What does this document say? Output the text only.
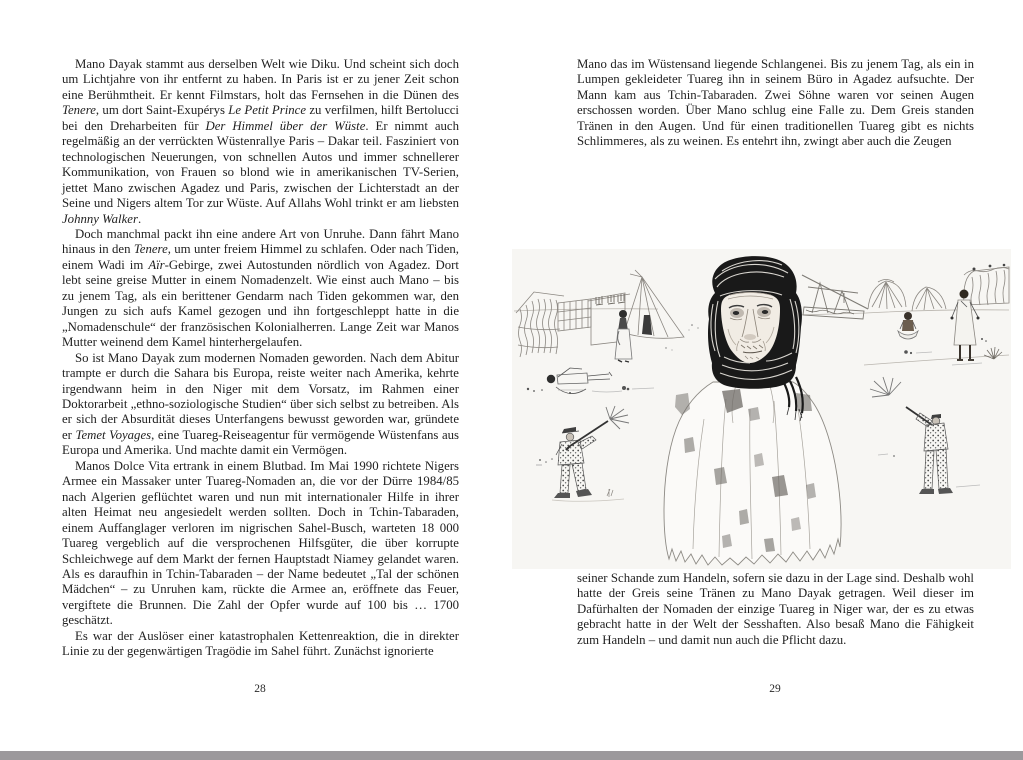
Mano Dayak stammt aus derselben Welt wie Diku. Und scheint sich doch um Lichtjahre von ihr entfernt zu haben. In Paris ist er zu jener Zeit schon eine Berühmtheit. Er kennt Filmstars, holt das Fernsehen in die Dünen des Tenere, um dort Saint-Exupérys Le Petit Prince zu verfilmen, hilft Bertolucci bei den Dreharbeiten für Der Himmel über der Wüste. Er nimmt auch regelmäßig an der verrückten Wüstenrallye Paris – Dakar teil. Fasziniert von technologischen Neuerungen, von schnellen Autos und immer schnellerer Kommunikation, von Frauen so blond wie in amerikanischen TV-Serien, jettet Mano zwischen Agadez und Paris, zwischen der Lichterstadt an der Seine und Nigers altem Tor zur Wüste. Auf Allahs Wohl trinkt er am liebsten Johnny Walker.

Doch manchmal packt ihn eine andere Art von Unruhe. Dann fährt Mano hinaus in den Tenere, um unter freiem Himmel zu schlafen. Oder nach Tiden, einem Wadi im Aïr-Gebirge, zwei Autostunden nördlich von Agadez. Dort lebt seine greise Mutter in einem Nomadenzelt. Wie einst auch Mano – bis zu jenem Tag, als ein berittener Gendarm nach Tiden gekommen war, den Jungen zu sich aufs Kamel gezogen und ihn fortgeschleppt hatte in die „Nomadenschule“ der französischen Kolonialherren. Lange Zeit war Manos Mutter weinend dem Kamel hinterhergelaufen.

So ist Mano Dayak zum modernen Nomaden geworden. Nach dem Abitur trampte er durch die Sahara bis Europa, reiste weiter nach Amerika, kehrte irgendwann heim in den Niger mit dem Vorsatz, im Rahmen einer Doktorarbeit „ethno-soziologische Studien“ über sich selbst zu betreiben. Als er sich der Absurdität dieses Unterfangens bewusst geworden war, gründete er Temet Voyages, eine Tuareg-Reiseagentur für vermögende Wüstenfans aus Europa und Amerika. Und machte damit ein Vermögen.

Manos Dolce Vita ertrank in einem Blutbad. Im Mai 1990 richtete Nigers Armee ein Massaker unter Tuareg-Nomaden an, die vor der Dürre 1984/85 nach Algerien geflüchtet waren und nun mit internationaler Hilfe in ihrer alten Heimat neu angesiedelt werden sollten. Doch in Tchin-Tabaraden, einem Auffanglager verloren im nigrischen Sahel-Busch, warteten 18 000 Tuareg vergeblich auf die versprochenen Hilfsgüter, die über korrupte Schleichwege auf dem Markt der fernen Hauptstadt Niamey gelandet waren. Als es daraufhin in Tchin-Tabaraden – der Name bedeutet „Tal der schönen Mädchen“ – zu Unruhen kam, rückte die Armee an, eröffnete das Feuer, vergiftete die Brunnen. Die Zahl der Opfer wurde auf 100 bis … 1700 geschätzt.

Es war der Auslöser einer katastrophalen Kettenreaktion, die in direkter Linie zu der gegenwärtigen Tragödie im Sahel führt. Zunächst ignorierte

Mano das im Wüstensand liegende Schlangenei. Bis zu jenem Tag, als ein in Lumpen gekleideter Tuareg ihn in seinem Büro in Agadez aufsuchte. Der Mann kam aus Tchin-Tabaraden. Zwei Söhne waren vor seinen Augen erschossen worden. Über Mano schlug eine Falle zu. Dem Greis standen Tränen in den Augen. Und für einen traditionellen Tuareg gibt es nichts Schlimmeres, als zu weinen. Es entehrt ihn, zwingt aber auch die Zeugen

seiner Schande zum Handeln, sofern sie dazu in der Lage sind. Deshalb wohl hatte der Greis seine Tränen zu Mano Dayak getragen. Weil dieser im Dafürhalten der Nomaden der einzige Tuareg in Niger war, der es zu etwas gebracht hatte in der Welt der Sesshaften. Also besaß Mano die Fähigkeit zum Handeln – und damit nun auch die Pflicht dazu.

28	29
